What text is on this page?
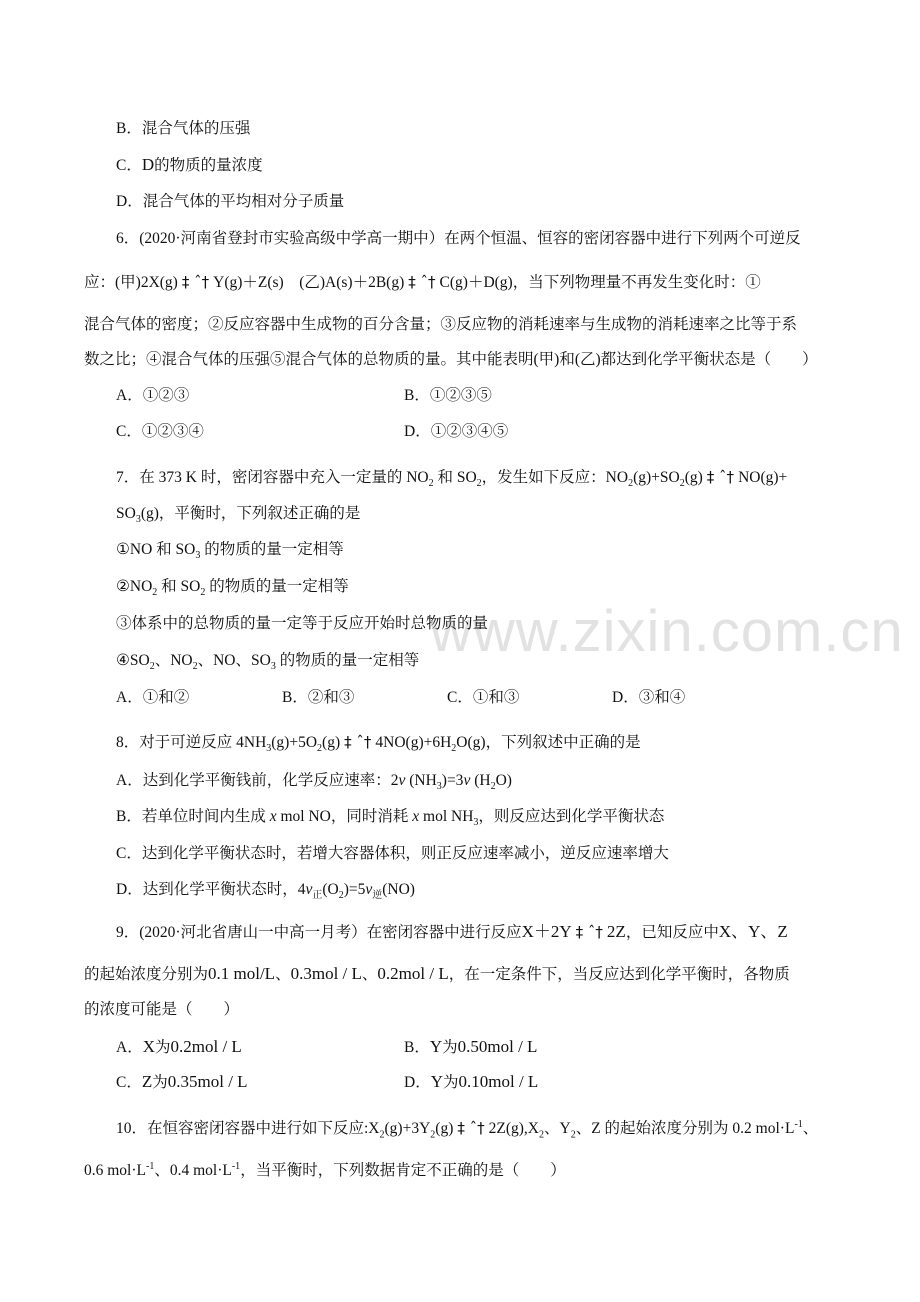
www.zixin.com.cn
B．混合气体的压强
C．D的物质的量浓度
D．混合气体的平均相对分子质量
6．(2020·河南省登封市实验高级中学高一期中）在两个恒温、恒容的密闭容器中进行下列两个可逆反
应：(甲)2X(g) ‡ ˆ† Y(g)＋Z(s)　(乙)A(s)＋2B(g) ‡ ˆ† C(g)＋D(g)，当下列物理量不再发生变化时：①
混合气体的密度；②反应容器中生成物的百分含量；③反应物的消耗速率与生成物的消耗速率之比等于系
数之比；④混合气体的压强⑤混合气体的总物质的量。其中能表明(甲)和(乙)都达到化学平衡状态是（　　）
A．①②③	B．①②③⑤
C．①②③④	D．①②③④⑤
7．在 373 K 时，密闭容器中充入一定量的 $NO_2$ 和 $SO_2$，发生如下反应：$NO_2(g)+SO_2(g)$ ‡ ˆ† NO(g)+
$SO_3(g)$，平衡时，下列叙述正确的是
①NO 和 $SO_3$ 的物质的量一定相等
$②NO_2$ 和 $SO_2$ 的物质的量一定相等
③体系中的总物质的量一定等于反应开始时总物质的量
$④SO_2$、$NO_2$、NO、$SO_3$ 的物质的量一定相等
A．①和②	B．②和③	C．①和③	D．③和④
8．对于可逆反应 $4NH_3(g)+5O_2(g)$ ‡ ˆ† $4NO(g)+6H_2O(g)$，下列叙述中正确的是
A．达到化学平衡钱前，化学反应速率：2v $(NH_3)=3v$ $(H_2O)$
B．若单位时间内生成 x mol NO，同时消耗 x mol $NH_3$，则反应达到化学平衡状态
C．达到化学平衡状态时，若增大容器体积，则正反应速率减小，逆反应速率增大
D．达到化学平衡状态时，$4v_正(O_2)=5v_逆(NO)$
9．(2020·河北省唐山一中高一月考）在密闭容器中进行反应X＋2Y ‡ ˆ† 2Z，已知反应中X、Y、Z
的起始浓度分别为0.1 mol/L、0.3mol / L、0.2mol / L，在一定条件下，当反应达到化学平衡时，各物质
的浓度可能是（　　）
A．X为0.2mol / L	B．Y为0.50mol / L
C．Z为0.35mol / L	D．Y为0.10mol / L
10．在恒容密闭容器中进行如下反应$:X_2(g)+3Y_2(g)$ ‡ ˆ† $2Z(g),X_2$、$Y_2$、Z 的起始浓度分别为 0.2 $mol\cdot L^{-1}$、
0.6 $mol\cdot L^{-1}$、0.4 $mol\cdot L^{-1}$，当平衡时，下列数据肯定不正确的是（　　）
